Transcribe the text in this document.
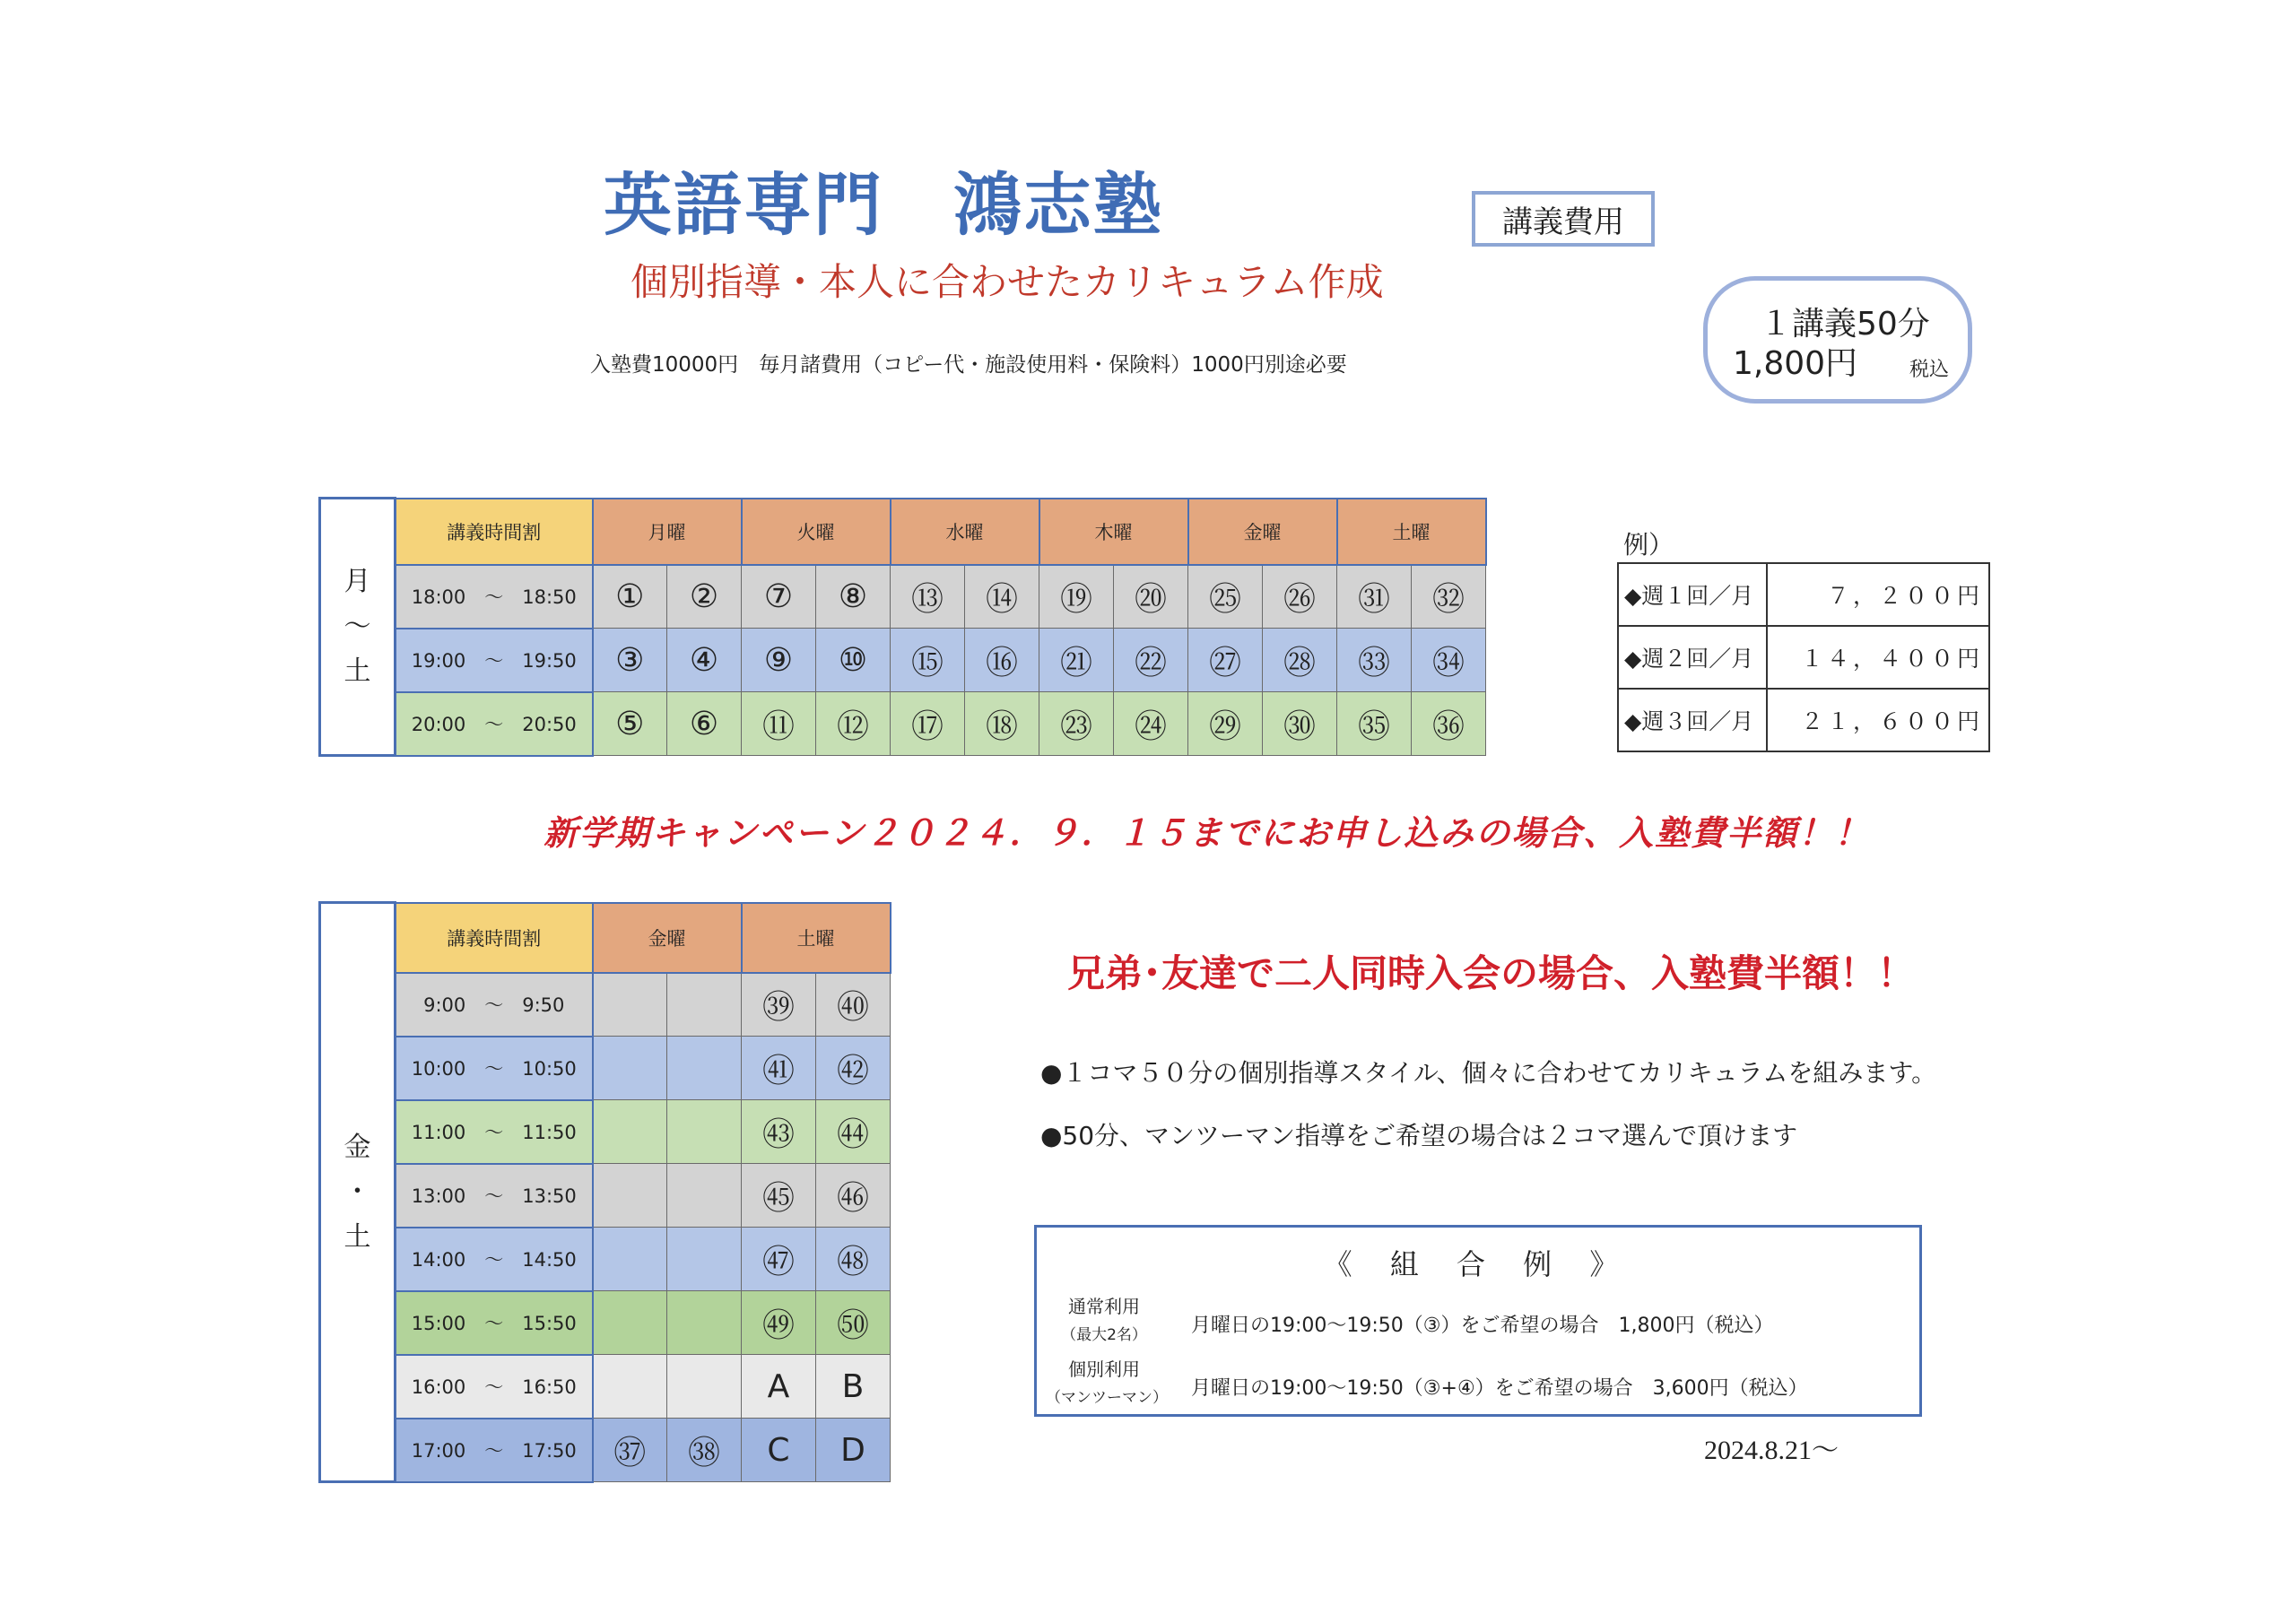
英語専門　鴻志塾
個別指導・本人に合わせたカリキュラム作成
入塾費10000円　毎月諸費用（コピー代・施設使用料・保険料）1000円別途必要
講義費用
１講義50分
1,800円	税込
月
〜
土	講義時間割	月曜		火曜		水曜		木曜		金曜		土曜	
	18:00　～　18:50	①	②	⑦	⑧	⑬	⑭	⑲	⑳	㉕	㉖	㉛	㉜
	19:00　～　19:50	③	④	⑨	⑩	⑮	⑯	㉑	㉒	㉗	㉘	㉝	㉞
	20:00　～　20:50	⑤	⑥	⑪	⑫	⑰	⑱	㉓	㉔	㉙	㉚	㉟	㊱
例）
◆週１回／月	７，２００円
◆週２回／月	１４，４００円
◆週３回／月	２１，６００円
新学期キャンペーン２０２４．９．１５までにお申し込みの場合、入塾費半額！！
金
・
土	講義時間割	金曜		土曜	
	9:00　～　9:50			㊴	㊵
	10:00　～　10:50			㊶	㊷
	11:00　～　11:50			㊸	㊹
	13:00　～　13:50			㊺	㊻
	14:00　～　14:50			㊼	㊽
	15:00　～　15:50			㊾	㊿
	16:00　～　16:50			A	B
	17:00　～　17:50	㊲	㊳	C	D
兄弟･友達で二人同時入会の場合、入塾費半額！！
●１コマ５０分の個別指導スタイル、個々に合わせてカリキュラムを組みます。
●50分、マンツーマン指導をご希望の場合は２コマ選んで頂けます
《 組 合 例 》
通常利用
（最大2名）	月曜日の19:00〜19:50（③）をご希望の場合　1,800円（税込）
個別利用
（マンツーマン） 月曜日の19:00〜19:50（③+④）をご希望の場合　3,600円（税込）
2024.8.21〜
